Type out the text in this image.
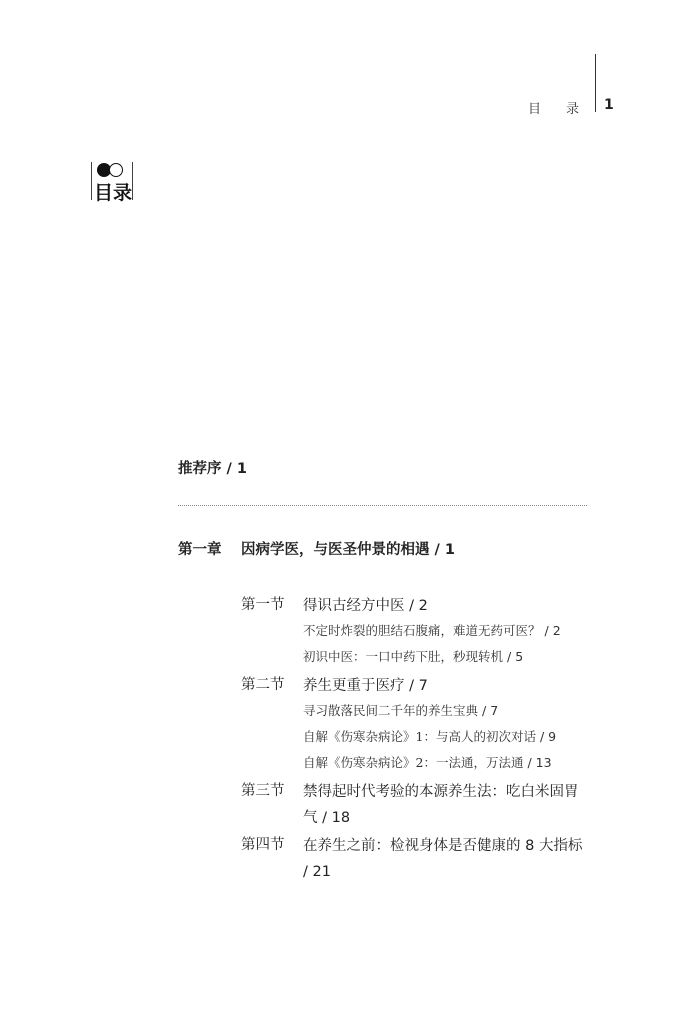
目　录 1
目录
推荐序 / 1
第一章 因病学医，与医圣仲景的相遇 / 1
第一节 得识古经方中医 / 2
不定时炸裂的胆结石腹痛，难道无药可医？ / 2
初识中医：一口中药下肚，秒现转机 / 5
第二节 养生更重于医疗 / 7
寻习散落民间二千年的养生宝典 / 7
自解《伤寒杂病论》1：与高人的初次对话 / 9
自解《伤寒杂病论》2：一法通，万法通 / 13
第三节 禁得起时代考验的本源养生法：吃白米固胃气 / 18
第四节 在养生之前：检视身体是否健康的 8 大指标 / 21
